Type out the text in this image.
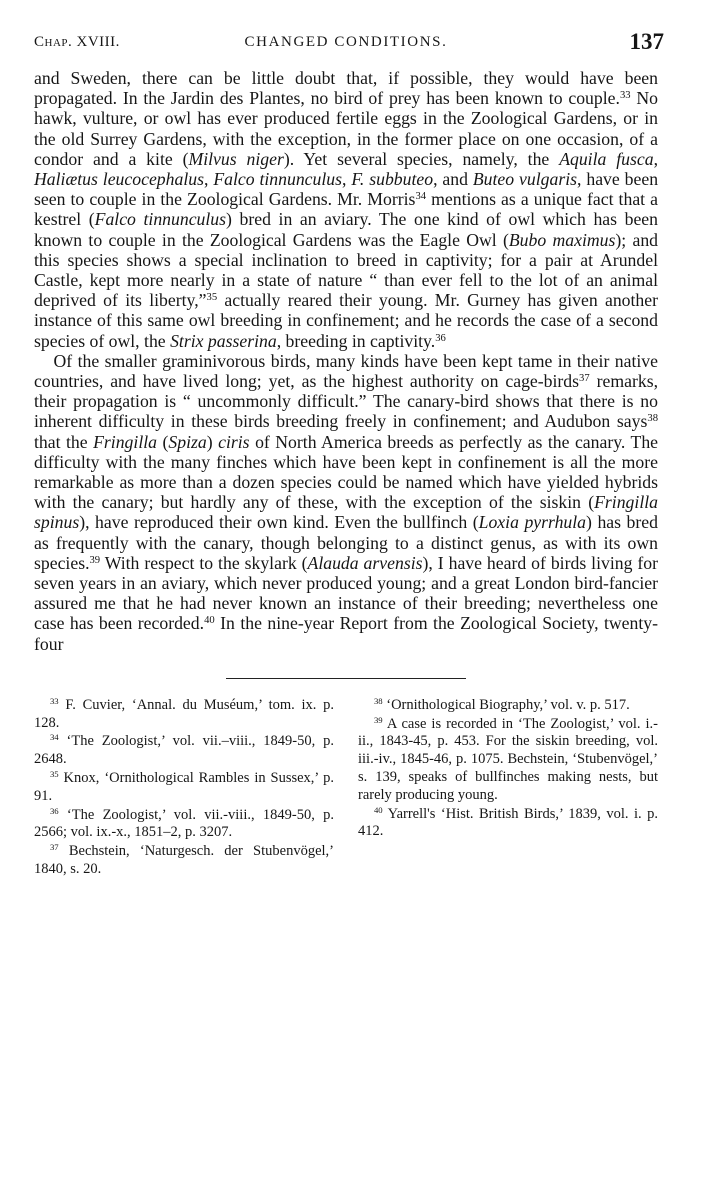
Chap. XVIII.	CHANGED CONDITIONS.	137

and Sweden, there can be little doubt that, if possible, they would have been propagated. In the Jardin des Plantes, no bird of prey has been known to couple.$^{33}$ No hawk, vulture, or owl has ever produced fertile eggs in the Zoological Gardens, or in the old Surrey Gardens, with the exception, in the former place on one occasion, of a condor and a kite (Milvus niger). Yet several species, namely, the Aquila fusca, Haliætus leucocephalus, Falco tinnunculus, F. subbuteo, and Buteo vulgaris, have been seen to couple in the Zoological Gardens. Mr. Morris$^{34}$ mentions as a unique fact that a kestrel (Falco tinnunculus) bred in an aviary. The one kind of owl which has been known to couple in the Zoological Gardens was the Eagle Owl (Bubo maximus); and this species shows a special inclination to breed in captivity; for a pair at Arundel Castle, kept more nearly in a state of nature “ than ever fell to the lot of an animal deprived of its liberty,”$^{35}$ actually reared their young. Mr. Gurney has given another instance of this same owl breeding in confinement; and he records the case of a second species of owl, the Strix passerina, breeding in captivity.$^{36}$

Of the smaller graminivorous birds, many kinds have been kept tame in their native countries, and have lived long; yet, as the highest authority on cage-birds$^{37}$ remarks, their propagation is “ uncommonly difficult.” The canary-bird shows that there is no inherent difficulty in these birds breeding freely in confinement; and Audubon says$^{38}$ that the Fringilla (Spiza) ciris of North America breeds as perfectly as the canary. The difficulty with the many finches which have been kept in confinement is all the more remarkable as more than a dozen species could be named which have yielded hybrids with the canary; but hardly any of these, with the exception of the siskin (Fringilla spinus), have reproduced their own kind. Even the bullfinch (Loxia pyrrhula) has bred as frequently with the canary, though belonging to a distinct genus, as with its own species.$^{39}$ With respect to the skylark (Alauda arvensis), I have heard of birds living for seven years in an aviary, which never produced young; and a great London bird-fancier assured me that he had never known an instance of their breeding; nevertheless one case has been recorded.$^{40}$ In the nine-year Report from the Zoological Society, twenty-four

$^{33}$ F. Cuvier, ‘Annal. du Muséum,’ tom. ix. p. 128.

$^{34}$ ‘The Zoologist,’ vol. vii.–viii., 1849-50, p. 2648.

$^{35}$ Knox, ‘Ornithological Rambles in Sussex,’ p. 91.

$^{36}$ ‘The Zoologist,’ vol. vii.-viii., 1849-50, p. 2566; vol. ix.-x., 1851–2, p. 3207.

$^{37}$ Bechstein, ‘Naturgesch. der Stubenvögel,’ 1840, s. 20.

$^{38}$ ‘Ornithological Biography,’ vol. v. p. 517.

$^{39}$ A case is recorded in ‘The Zoologist,’ vol. i.-ii., 1843-45, p. 453. For the siskin breeding, vol. iii.-iv., 1845-46, p. 1075. Bechstein, ‘Stubenvögel,’ s. 139, speaks of bullfinches making nests, but rarely producing young.

$^{40}$ Yarrell's ‘Hist. British Birds,’ 1839, vol. i. p. 412.
